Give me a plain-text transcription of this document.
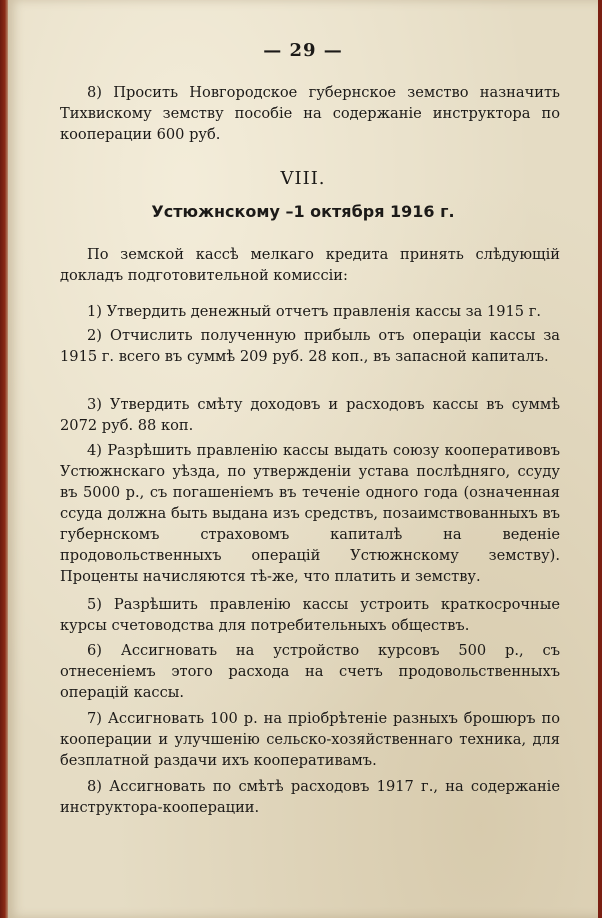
— 29 —

8) Просить Новгородское губернское земство назначить Тихвискому земству пособіе на содержаніе инструктора по кооперации 600 руб.

VIII.
Устюжнскому –1 октября 1916 г.

По земской кассѣ мелкаго кредита принять слѣдующій докладъ подготовительной комиссіи:

1) Утвердить денежный отчетъ правленія кассы за 1915 г.

2) Отчислить полученную прибыль отъ операціи кассы за 1915 г. всего въ суммѣ 209 руб. 28 коп., въ запасной капиталъ.

3) Утвердить смѣту доходовъ и расходовъ кассы въ суммѣ 2072 руб. 88 коп.

4) Разрѣшить правленію кассы выдать союзу кооперативовъ Устюжнскаго уѣзда, по утвержденіи устава послѣдняго, ссуду въ 5000 р., съ погашеніемъ въ теченіе одного года (означенная ссуда должна быть выдана изъ средствъ, позаимствованныхъ въ губернскомъ страховомъ капиталѣ на веденіе продовольственныхъ операцій Устюжнскому земству). Проценты начисляются тѣ-же, что платить и земству.

5) Разрѣшить правленію кассы устроить краткосрочные курсы счетоводства для потребительныхъ обществъ.

6) Ассигновать на устройство курсовъ 500 р., съ отнесеніемъ этого расхода на счетъ продовольственныхъ операцій кассы.

7) Ассигновать 100 р. на пріобрѣтеніе разныхъ брошюръ по кооперации и улучшенію сельско-хозяйственнаго техника, для безплатной раздачи ихъ кооперативамъ.

8) Ассигновать по смѣтѣ расходовъ 1917 г., на содержаніе инструктора-кооперации.
